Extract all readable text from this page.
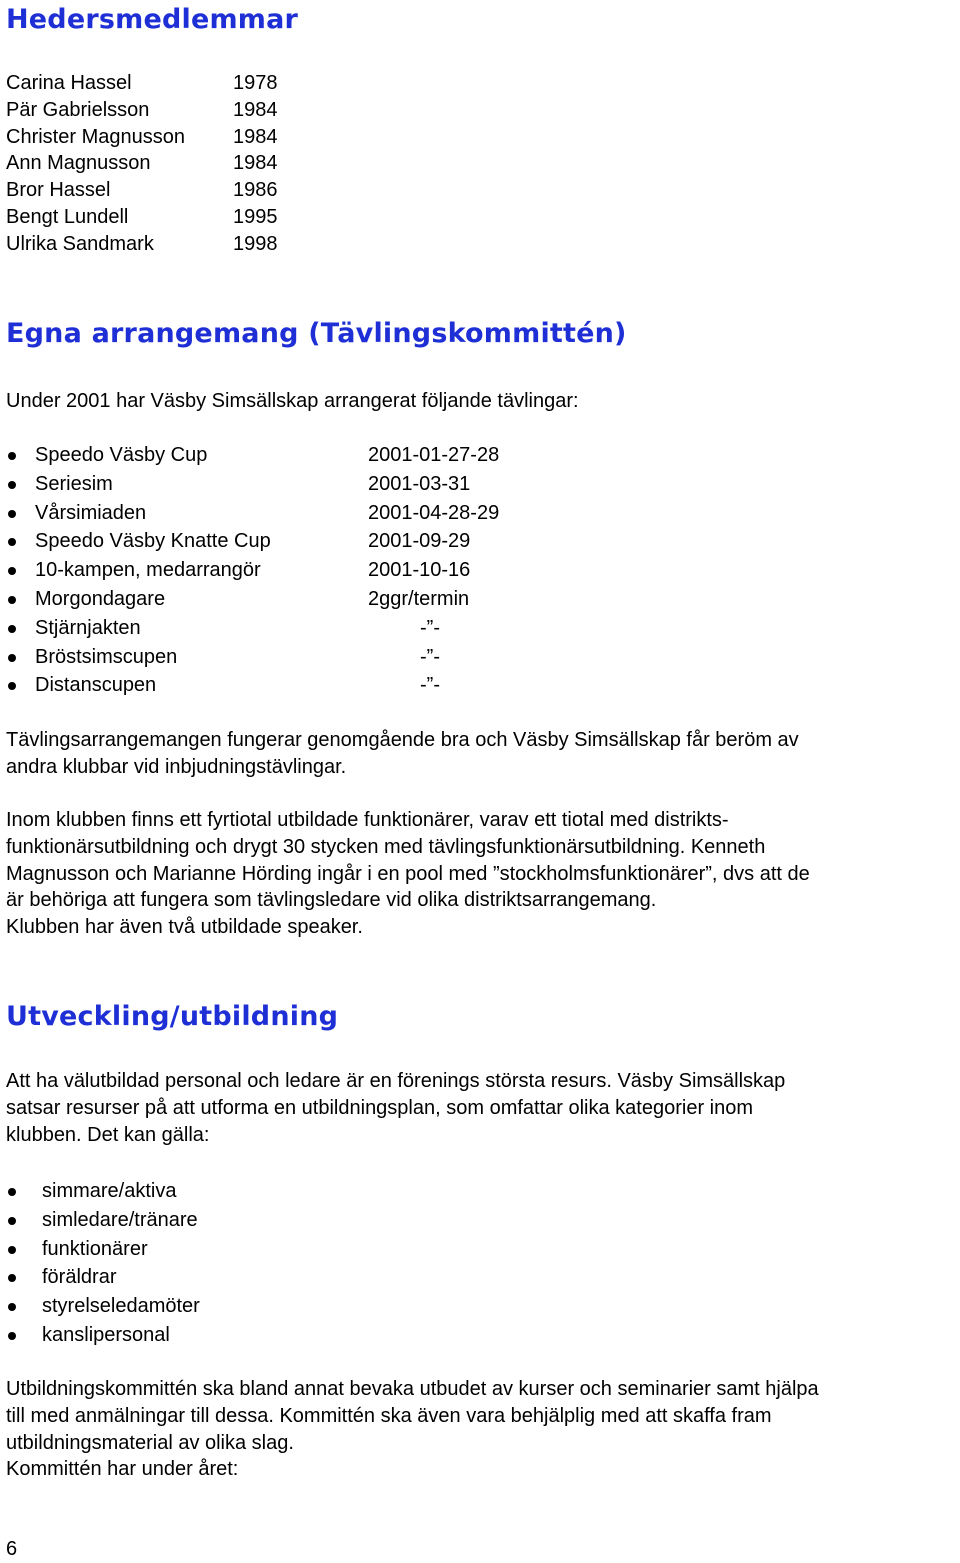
Hedersmedlemmar
Carina Hassel	1978
Pär Gabrielsson	1984
Christer Magnusson 1984
Ann Magnusson	1984
Bror Hassel	1986
Bengt Lundell	1995
Ulrika Sandmark	1998
Egna arrangemang (Tävlingskommittén)
Under 2001 har Väsby Simsällskap arrangerat följande tävlingar:
Speedo Väsby Cup	2001-01-27-28
Seriesim	2001-03-31
Vårsimiaden	2001-04-28-29
Speedo Väsby Knatte Cup	2001-09-29
10-kampen, medarrangör	2001-10-16
Morgondagare	2ggr/termin
Stjärnjakten	-”-
Bröstsimscupen	-”-
Distanscupen	-”-
Tävlingsarrangemangen fungerar genomgående bra och Väsby Simsällskap får beröm av
andra klubbar vid inbjudningstävlingar.
Inom klubben finns ett fyrtiotal utbildade funktionärer, varav ett tiotal med distrikts-
funktionärsutbildning och drygt 30 stycken med tävlingsfunktionärsutbildning. Kenneth
Magnusson och Marianne Hörding ingår i en pool med ”stockholmsfunktionärer”, dvs att de
är behöriga att fungera som tävlingsledare vid olika distriktsarrangemang.
Klubben har även två utbildade speaker.
Utveckling/utbildning
Att ha välutbildad personal och ledare är en förenings största resurs. Väsby Simsällskap
satsar resurser på att utforma en utbildningsplan, som omfattar olika kategorier inom
klubben. Det kan gälla:
simmare/aktiva
simledare/tränare
funktionärer
föräldrar
styrelseledamöter
kanslipersonal
Utbildningskommittén ska bland annat bevaka utbudet av kurser och seminarier samt hjälpa
till med anmälningar till dessa. Kommittén ska även vara behjälplig med att skaffa fram
utbildningsmaterial av olika slag.
Kommittén har under året:
6
